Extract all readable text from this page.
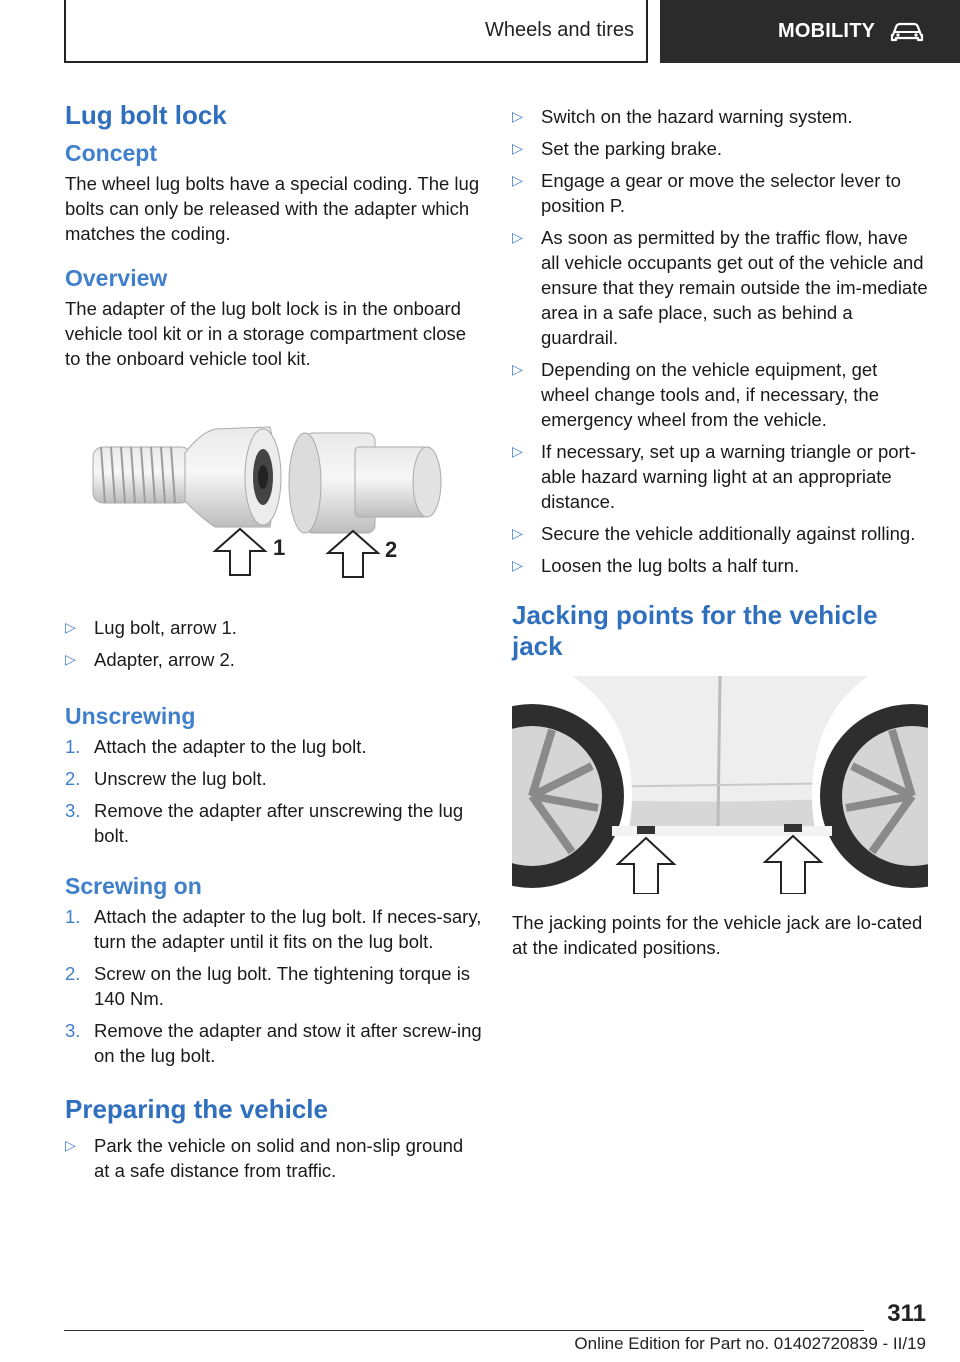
Wheels and tires	MOBILITY
Lug bolt lock
Concept

The wheel lug bolts have a special coding. The lug bolts can only be released with the adapter which matches the coding.

Overview

The adapter of the lug bolt lock is in the onboard vehicle tool kit or in a storage compartment close to the onboard vehicle tool kit.

1	2
▷ Lug bolt, arrow 1.
▷ Adapter, arrow 2.
Unscrewing
1. Attach the adapter to the lug bolt.
2. Unscrew the lug bolt.
3. Remove the adapter after unscrewing the lug bolt.
Screwing on
1. Attach the adapter to the lug bolt. If neces-sary, turn the adapter until it fits on the lug bolt.
2. Screw on the lug bolt. The tightening torque is 140 Nm.
3. Remove the adapter and stow it after screw-ing on the lug bolt.
Preparing the vehicle
▷ Park the vehicle on solid and non-slip ground at a safe distance from traffic.
▷ Switch on the hazard warning system.
▷ Set the parking brake.
▷ Engage a gear or move the selector lever to position P.
▷ As soon as permitted by the traffic flow, have all vehicle occupants get out of the vehicle and ensure that they remain outside the im-mediate area in a safe place, such as behind a guardrail.
▷ Depending on the vehicle equipment, get wheel change tools and, if necessary, the emergency wheel from the vehicle.
▷ If necessary, set up a warning triangle or port-able hazard warning light at an appropriate distance.
▷ Secure the vehicle additionally against rolling.
▷ Loosen the lug bolts a half turn.
Jacking points for the vehicle jack

The jacking points for the vehicle jack are lo-cated at the indicated positions.

311
Online Edition for Part no. 01402720839 - II/19
